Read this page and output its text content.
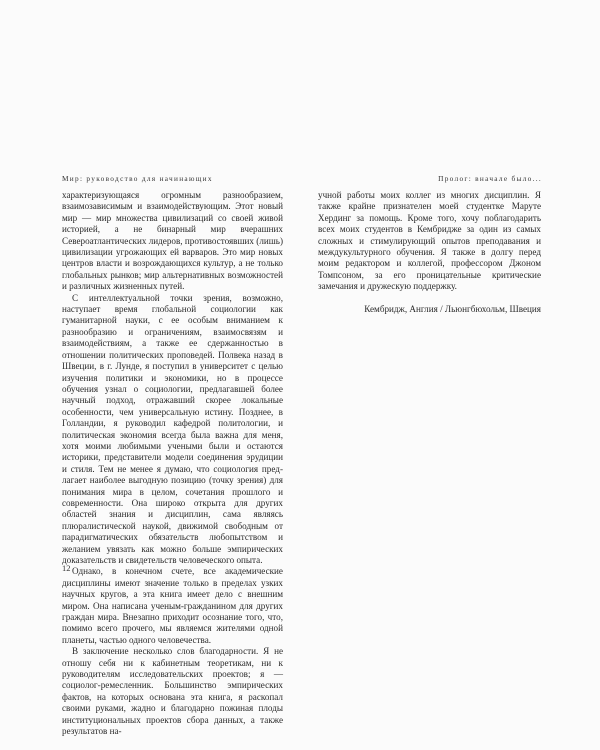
Мир: руководство для начинающих	Пролог: вначале было...

характеризующаяся огромным разнообразием, взаимозависимым и взаимодействующим. Этот новый мир — мир множества цивилизаций со своей живой историей, а не бинарный мир вчерашних Североатлантических лидеров, противостоявших (лишь) цивилизации угрожающих ей варваров. Это мир новых центров власти и возрождающихся культур, а не только глобальных рынков; мир альтернативных возможностей и различных жизненных путей.

С интеллектуальной точки зрения, возможно, наступает время глобальной социологии как гуманитарной науки, с ее особым вниманием к разнообразию и ограничениям, взаимосвязям и взаимодействиям, а также ее сдержанностью в отношении политических проповедей. Полвека назад в Швеции, в г. Лунде, я поступил в университет с целью изучения политики и экономики, но в процессе обучения узнал о социологии, предлагавшей более научный подход, отражавший скорее локальные особенности, чем универсальную истину. Позднее, в Голландии, я руководил кафедрой политологии, и политическая экономия всегда была важна для меня, хотя моими любимыми учеными были и остаются историки, представители модели соединения эрудиции и стиля. Тем не менее я думаю, что социология предлагает наиболее выгодную позицию (точку зрения) для понимания мира в целом, сочетания прошлого и современности. Она широко открыта для других областей знания и дисциплин, сама являясь плюралистической наукой, движимой свободным от парадигматических обязательств любопытством и желанием увязать как можно больше эмпирических доказательств и свидетельств человеческого опыта.

Однако, в конечном счете, все академические дисциплины имеют значение только в пределах узких научных кругов, а эта книга имеет дело с внешним миром. Она написана ученым-гражданином для других граждан мира. Внезапно приходит осознание того, что, помимо всего прочего, мы являемся жителями одной планеты, частью одного человечества.

В заключение несколько слов благодарности. Я не отношу себя ни к кабинетным теоретикам, ни к руководителям исследовательских проектов; я — социолог-ремесленник. Большинство эмпирических фактов, на которых основана эта книга, я раскопал своими руками, жадно и благодарно пожиная плоды институциональных проектов сбора данных, а также результатов на-

учной работы моих коллег из многих дисциплин. Я также крайне признателен моей студентке Маруте Хердинг за помощь. Кроме того, хочу поблагодарить всех моих студентов в Кембридже за один из самых сложных и стимулирующий опытов преподавания и междукультурного обучения. Я также в долгу перед моим редактором и коллегой, профессором Джоном Томпсоном, за его проницательные критические замечания и дружескую поддержку.

Кембридж, Англия / Льюнгбюхольм, Швеция
12
